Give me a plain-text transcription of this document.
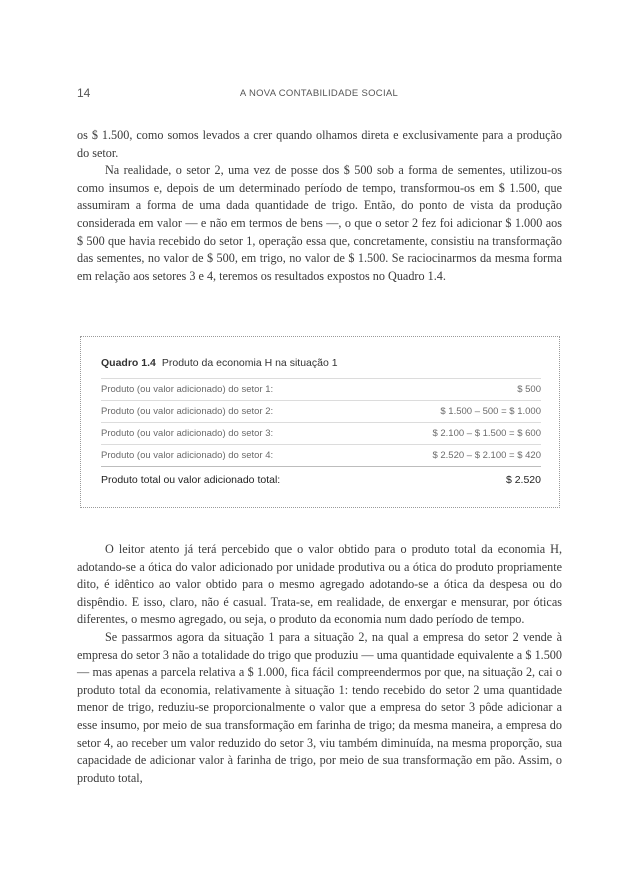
14	A NOVA CONTABILIDADE SOCIAL

os $ 1.500, como somos levados a crer quando olhamos direta e exclusivamente para a produção do setor.

Na realidade, o setor 2, uma vez de posse dos $ 500 sob a forma de sementes, utilizou-os como insumos e, depois de um determinado período de tempo, transformou-os em $ 1.500, que assumiram a forma de uma dada quantidade de trigo. Então, do ponto de vista da produção considerada em valor — e não em termos de bens —, o que o setor 2 fez foi adicionar $ 1.000 aos $ 500 que havia recebido do setor 1, operação essa que, concretamente, consistiu na transformação das sementes, no valor de $ 500, em trigo, no valor de $ 1.500. Se raciocinarmos da mesma forma em relação aos setores 3 e 4, teremos os resultados expostos no Quadro 1.4.

Quadro 1.4 Produto da economia H na situação 1
Produto (ou valor adicionado) do setor 1:	$ 500
Produto (ou valor adicionado) do setor 2:	$ 1.500 – 500 = $ 1.000
Produto (ou valor adicionado) do setor 3:	$ 2.100 – $ 1.500 = $ 600
Produto (ou valor adicionado) do setor 4:	$ 2.520 – $ 2.100 = $ 420
Produto total ou valor adicionado total:	$ 2.520

O leitor atento já terá percebido que o valor obtido para o produto total da economia H, adotando-se a ótica do valor adicionado por unidade produtiva ou a ótica do produto propriamente dito, é idêntico ao valor obtido para o mesmo agregado adotando-se a ótica da despesa ou do dispêndio. E isso, claro, não é casual. Trata-se, em realidade, de enxergar e mensurar, por óticas diferentes, o mesmo agregado, ou seja, o produto da economia num dado período de tempo.

Se passarmos agora da situação 1 para a situação 2, na qual a empresa do setor 2 vende à empresa do setor 3 não a totalidade do trigo que produziu — uma quantidade equivalente a $ 1.500 — mas apenas a parcela relativa a $ 1.000, fica fácil compreendermos por que, na situação 2, cai o produto total da economia, relativamente à situação 1: tendo recebido do setor 2 uma quantidade menor de trigo, reduziu-se proporcionalmente o valor que a empresa do setor 3 pôde adicionar a esse insumo, por meio de sua transformação em farinha de trigo; da mesma maneira, a empresa do setor 4, ao receber um valor reduzido do setor 3, viu também diminuída, na mesma proporção, sua capacidade de adicionar valor à farinha de trigo, por meio de sua transformação em pão. Assim, o produto total,
